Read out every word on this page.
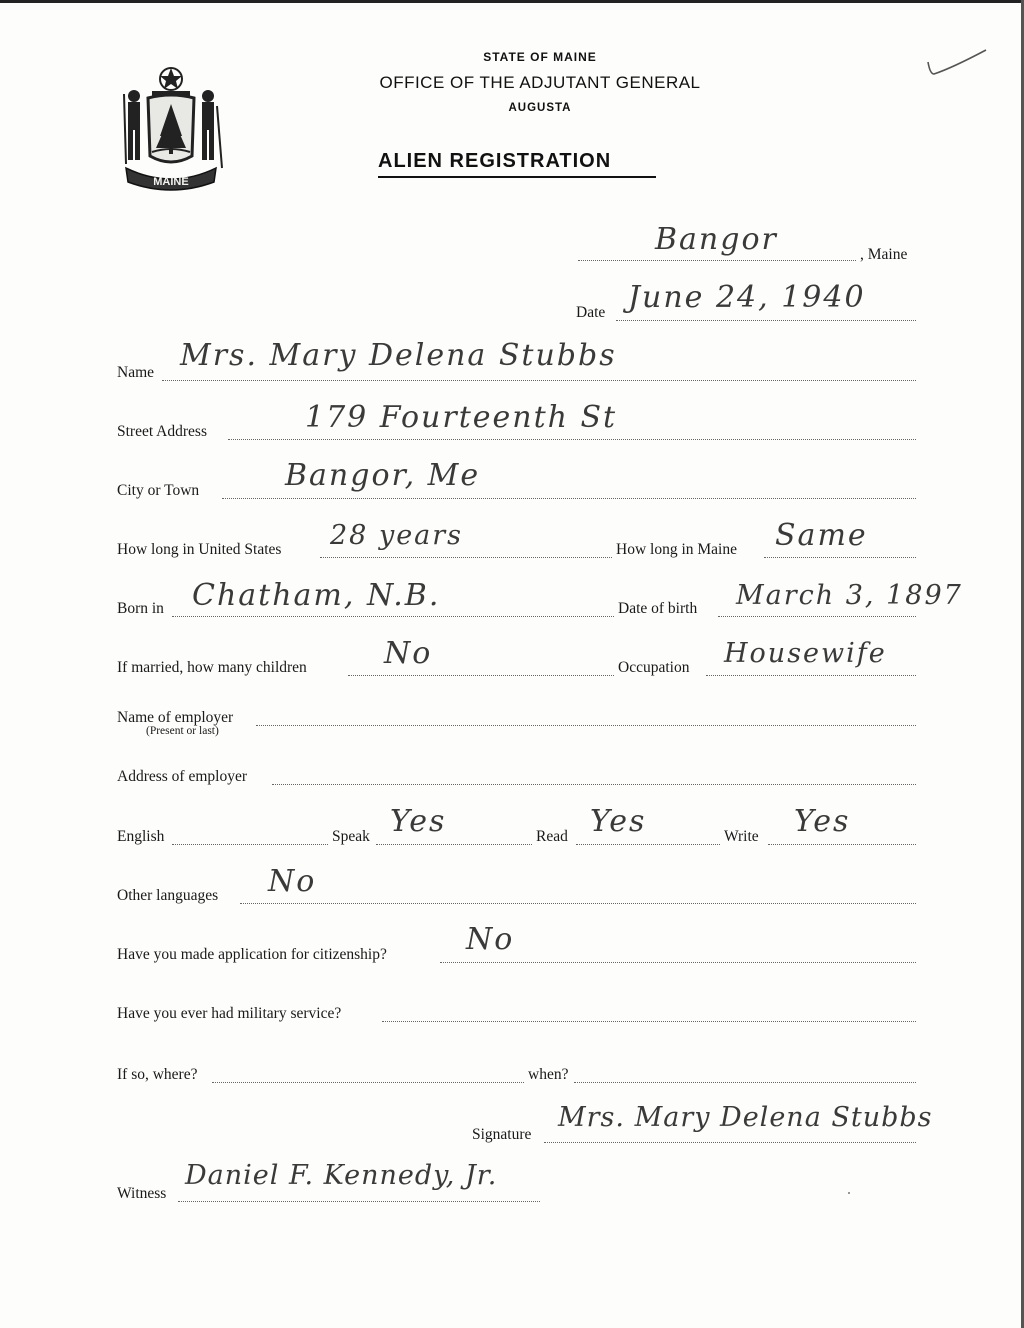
MAINE
STATE OF MAINE
OFFICE OF THE ADJUTANT GENERAL
AUGUSTA
ALIEN REGISTRATION
Bangor	, Maine
Date June 24, 1940
Name Mrs. Mary Delena Stubbs
Street Address	179 Fourteenth St
City or Town	Bangor, Me
How long in United States 28 years	How long in Maine Same
Born in Chatham, N.B.	Date of birth March 3, 1897
If married, how many children	No	Occupation Housewife
Name of employer
(Present or last)
Address of employer
English	Speak Yes	Read Yes	Write Yes
Other languages No
Have you made application for citizenship?	No
Have you ever had military service?
If so, where?	when?
Signature
Mrs. Mary Delena Stubbs
Witness
Daniel F. Kennedy, Jr.
